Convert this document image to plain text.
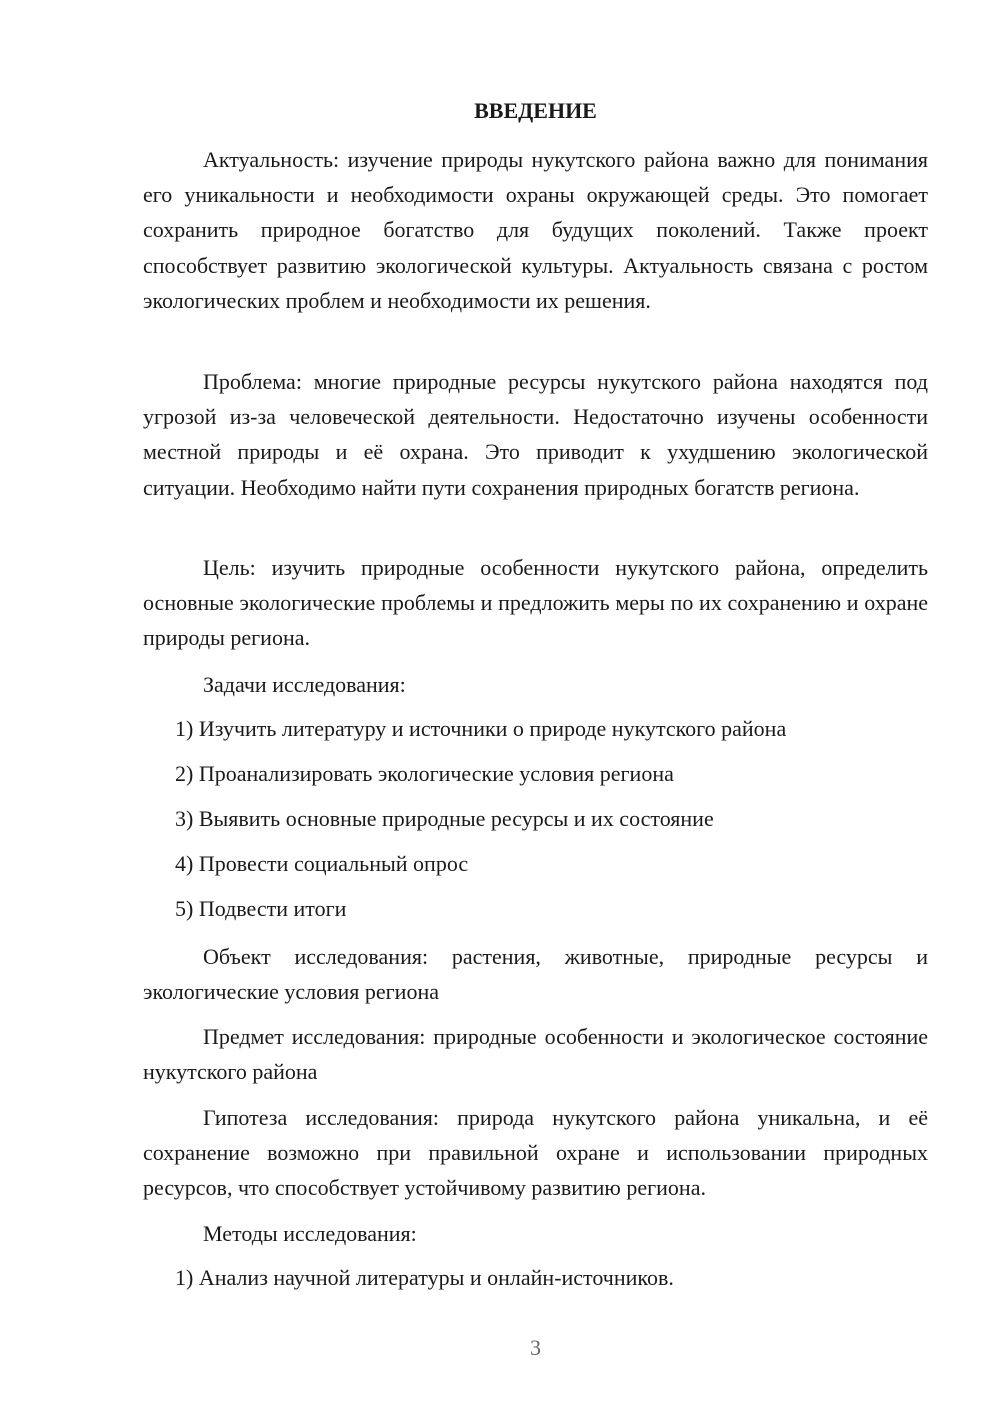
ВВЕДЕНИЕ

Актуальность: изучение природы нукутского района важно для понимания его уникальности и необходимости охраны окружающей среды. Это помогает сохранить природное богатство для будущих поколений. Также проект способствует развитию экологической культуры. Актуальность связана с ростом экологических проблем и необходимости их решения.

Проблема: многие природные ресурсы нукутского района находятся под угрозой из-за человеческой деятельности. Недостаточно изучены особенности местной природы и её охрана. Это приводит к ухудшению экологической ситуации. Необходимо найти пути сохранения природных богатств региона.

Цель: изучить природные особенности нукутского района, определить основные экологические проблемы и предложить меры по их сохранению и охране природы региона.

Задачи исследования:

1) Изучить литературу и источники о природе нукутского района
2) Проанализировать экологические условия региона
3) Выявить основные природные ресурсы и их состояние
4) Провести социальный опрос
5) Подвести итоги

Объект исследования: растения, животные, природные ресурсы и экологические условия региона

Предмет исследования: природные особенности и экологическое состояние нукутского района

Гипотеза исследования: природа нукутского района уникальна, и её сохранение возможно при правильной охране и использовании природных ресурсов, что способствует устойчивому развитию региона.

Методы исследования:

1) Анализ научной литературы и онлайн-источников.
3
